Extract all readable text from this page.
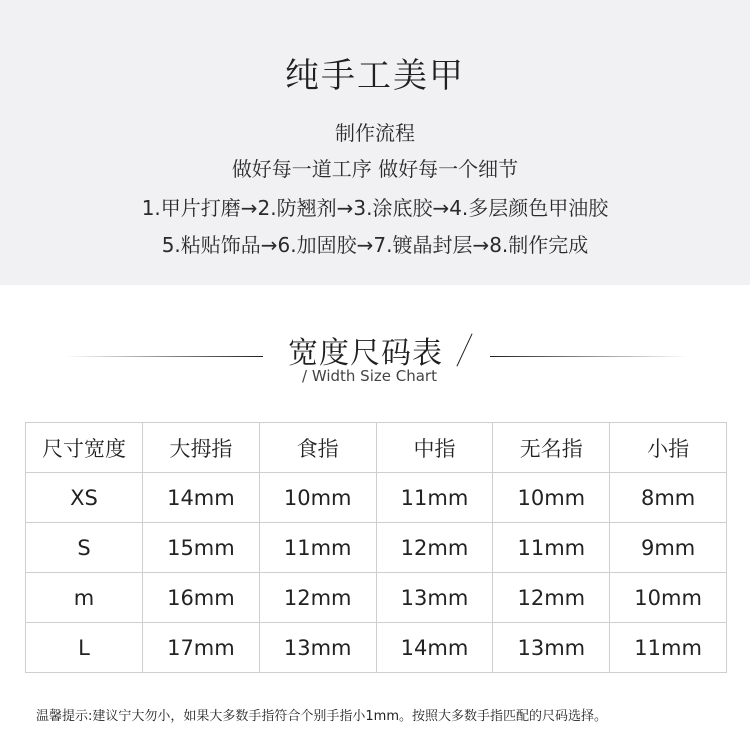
纯手工美甲
制作流程
做好每一道工序 做好每一个细节
1.甲片打磨→2.防翘剂→3.涂底胶→4.多层颜色甲油胶
5.粘贴饰品→6.加固胶→7.镀晶封层→8.制作完成
宽度尺码表
/ Width Size Chart
尺寸宽度	大拇指	食指	中指	无名指	小指
XS	14mm	10mm	11mm	10mm	8mm
S	15mm	11mm	12mm	11mm	9mm
m	16mm	12mm	13mm	12mm	10mm
L	17mm	13mm	14mm	13mm	11mm
温馨提示:建议宁大勿小，如果大多数手指符合个别手指小1mm。按照大多数手指匹配的尺码选择。
